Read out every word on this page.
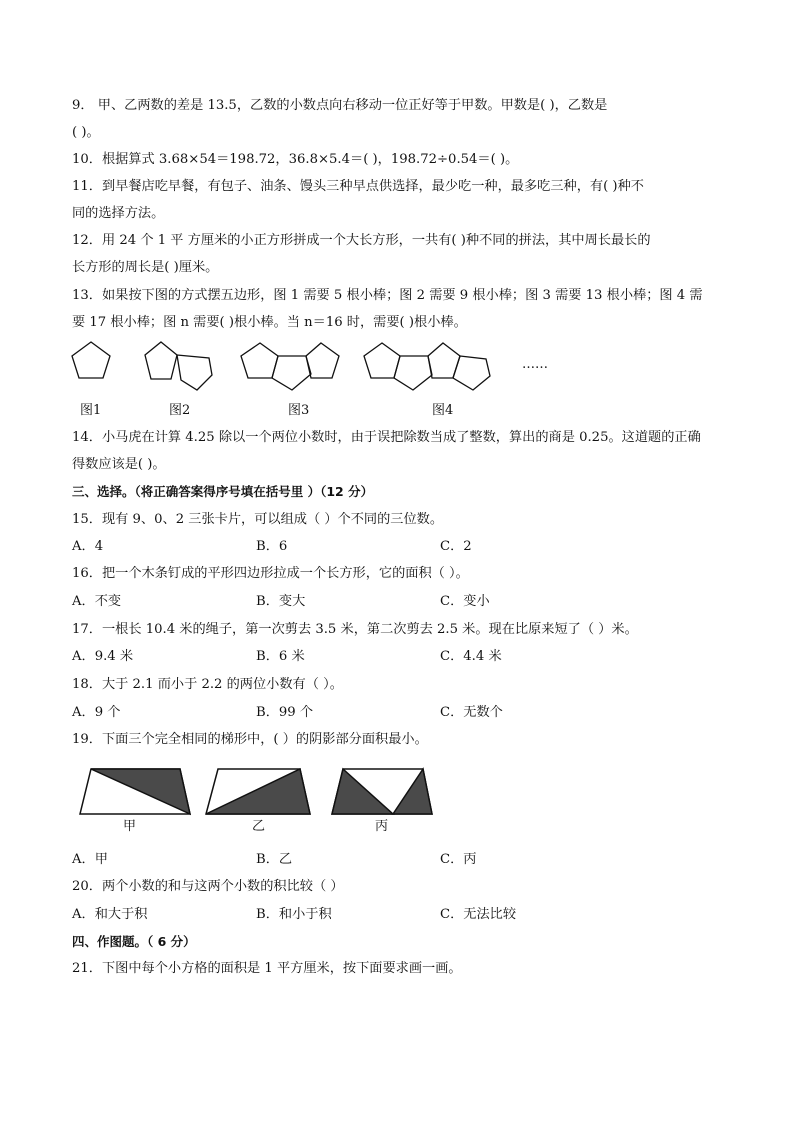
9． 甲、乙两数的差是 13.5，乙数的小数点向右移动一位正好等于甲数。甲数是( )，乙数是
( )。
10．根据算式 3.68×54＝198.72，36.8×5.4＝( )，198.72÷0.54＝( )。
11．到早餐店吃早餐，有包子、油条、馒头三种早点供选择，最少吃一种，最多吃三种，有( )种不
同的选择方法。
12．用 24 个 1 平 方厘米的小正方形拼成一个大长方形，一共有( )种不同的拼法，其中周长最长的
长方形的周长是( )厘米。
13．如果按下图的方式摆五边形，图 1 需要 5 根小棒；图 2 需要 9 根小棒；图 3 需要 13 根小棒；图 4 需
要 17 根小棒；图 n 需要( )根小棒。当 n＝16 时，需要( )根小棒。
……
图1	图2	图3	图4
14．小马虎在计算 4.25 除以一个两位小数时，由于误把除数当成了整数，算出的商是 0.25。这道题的正确
得数应该是( )。
三、选择。（将正确答案得序号填在括号里 ）（12 分）
15．现有 9、0、2 三张卡片，可以组成（ ）个不同的三位数。
A．4	B．6	C．2
16．把一个木条钉成的平形四边形拉成一个长方形，它的面积（ ）。
A．不变	B．变大	C．变小
17．一根长 10.4 米的绳子，第一次剪去 3.5 米，第二次剪去 2.5 米。现在比原来短了（ ）米。
A．9.4 米	B．6 米	C．4.4 米
18．大于 2.1 而小于 2.2 的两位小数有（ ）。
A．9 个	B．99 个	C．无数个
19．下面三个完全相同的梯形中，( ）的阴影部分面积最小。
甲	乙	丙
A．甲	B．乙	C．丙
20．两个小数的和与这两个小数的积比较（ ）
A．和大于积	B．和小于积	C．无法比较
四、作图题。（ 6 分）
21．下图中每个小方格的面积是 1 平方厘米，按下面要求画一画。
